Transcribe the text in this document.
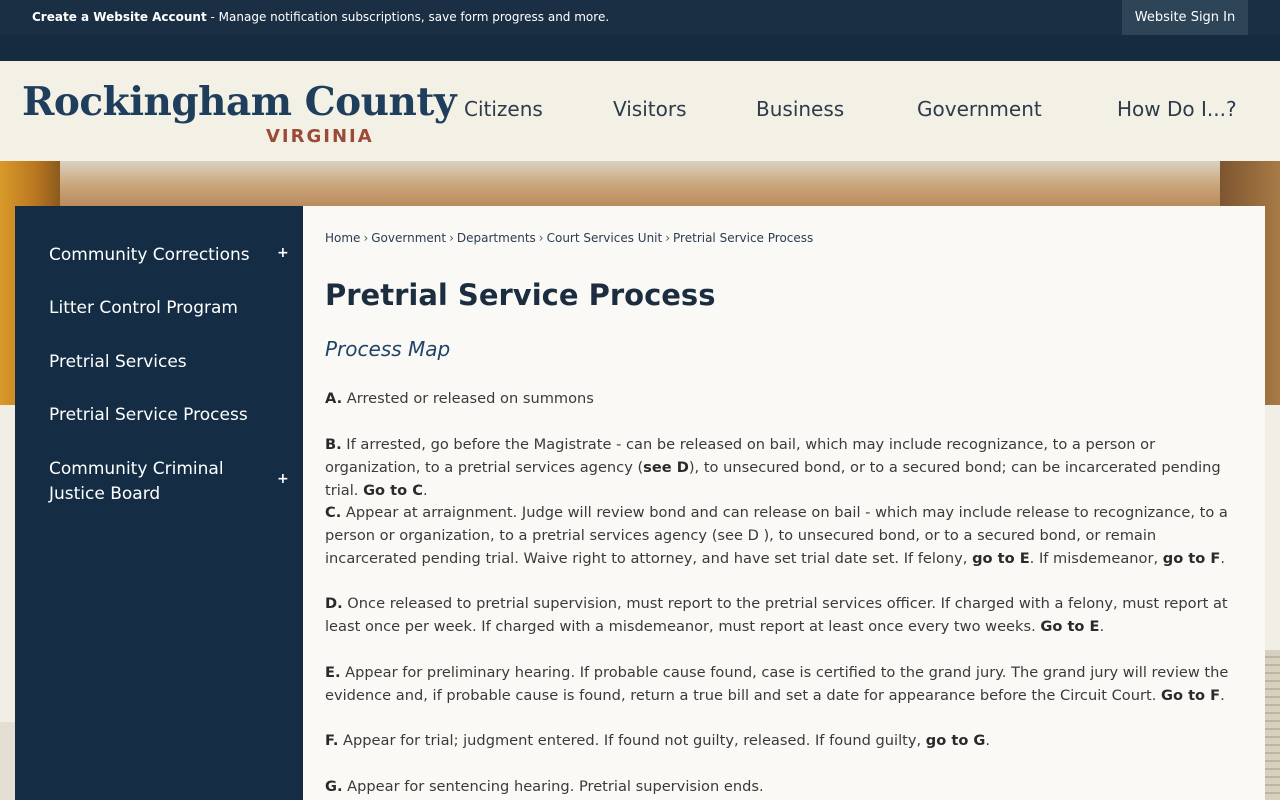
Create a Website Account - Manage notification subscriptions, save form progress and more.	Website Sign In
Rockingham County
VIRGINIA
Citizens	Visitors	Business	Government	How Do I...?
Community Corrections +
Litter Control Program
Pretrial Services
Pretrial Service Process
Community Criminal Justice Board
+
Home › Government › Departments › Court Services Unit › Pretrial Service Process
Pretrial Service Process
Process Map
A. Arrested or released on summons
B. If arrested, go before the Magistrate - can be released on bail, which may include recognizance, to a person or organization, to a pretrial services agency (see D), to unsecured bond, or to a secured bond; can be incarcerated pending trial. Go to C.
C. Appear at arraignment. Judge will review bond and can release on bail - which may include release to recognizance, to a person or organization, to a pretrial services agency (see D ), to unsecured bond, or to a secured bond, or remain incarcerated pending trial. Waive right to attorney, and have set trial date set. If felony, go to E. If misdemeanor, go to F.
D. Once released to pretrial supervision, must report to the pretrial services officer. If charged with a felony, must report at least once per week. If charged with a misdemeanor, must report at least once every two weeks. Go to E.
E. Appear for preliminary hearing. If probable cause found, case is certified to the grand jury. The grand jury will review the evidence and, if probable cause is found, return a true bill and set a date for appearance before the Circuit Court. Go to F.
F. Appear for trial; judgment entered. If found not guilty, released. If found guilty, go to G.
G. Appear for sentencing hearing. Pretrial supervision ends.
